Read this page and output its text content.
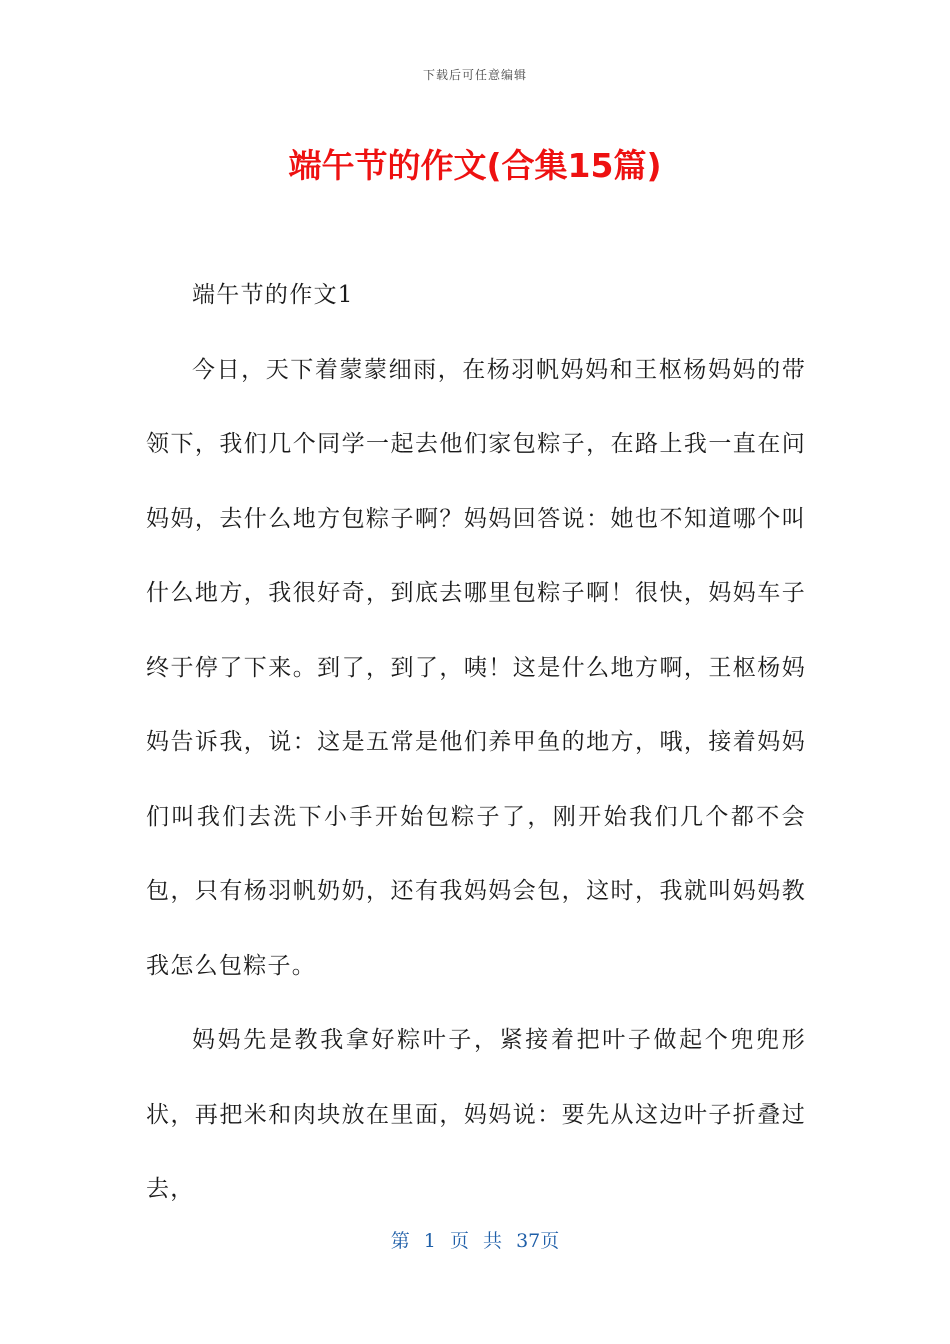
下载后可任意编辑
端午节的作文(合集15篇)

端午节的作文1

今日，天下着蒙蒙细雨，在杨羽帆妈妈和王枢杨妈妈的带领下，我们几个同学一起去他们家包粽子，在路上我一直在问妈妈，去什么地方包粽子啊？妈妈回答说：她也不知道哪个叫什么地方，我很好奇，到底去哪里包粽子啊！很快，妈妈车子终于停了下来。到了，到了，咦！这是什么地方啊，王枢杨妈妈告诉我，说：这是五常是他们养甲鱼的地方，哦，接着妈妈们叫我们去洗下小手开始包粽子了，刚开始我们几个都不会包，只有杨羽帆奶奶，还有我妈妈会包，这时，我就叫妈妈教我怎么包粽子。

妈妈先是教我拿好粽叶子，紧接着把叶子做起个兜兜形状，再把米和肉块放在里面，妈妈说：要先从这边叶子折叠过去，

第 1 页 共 37页
